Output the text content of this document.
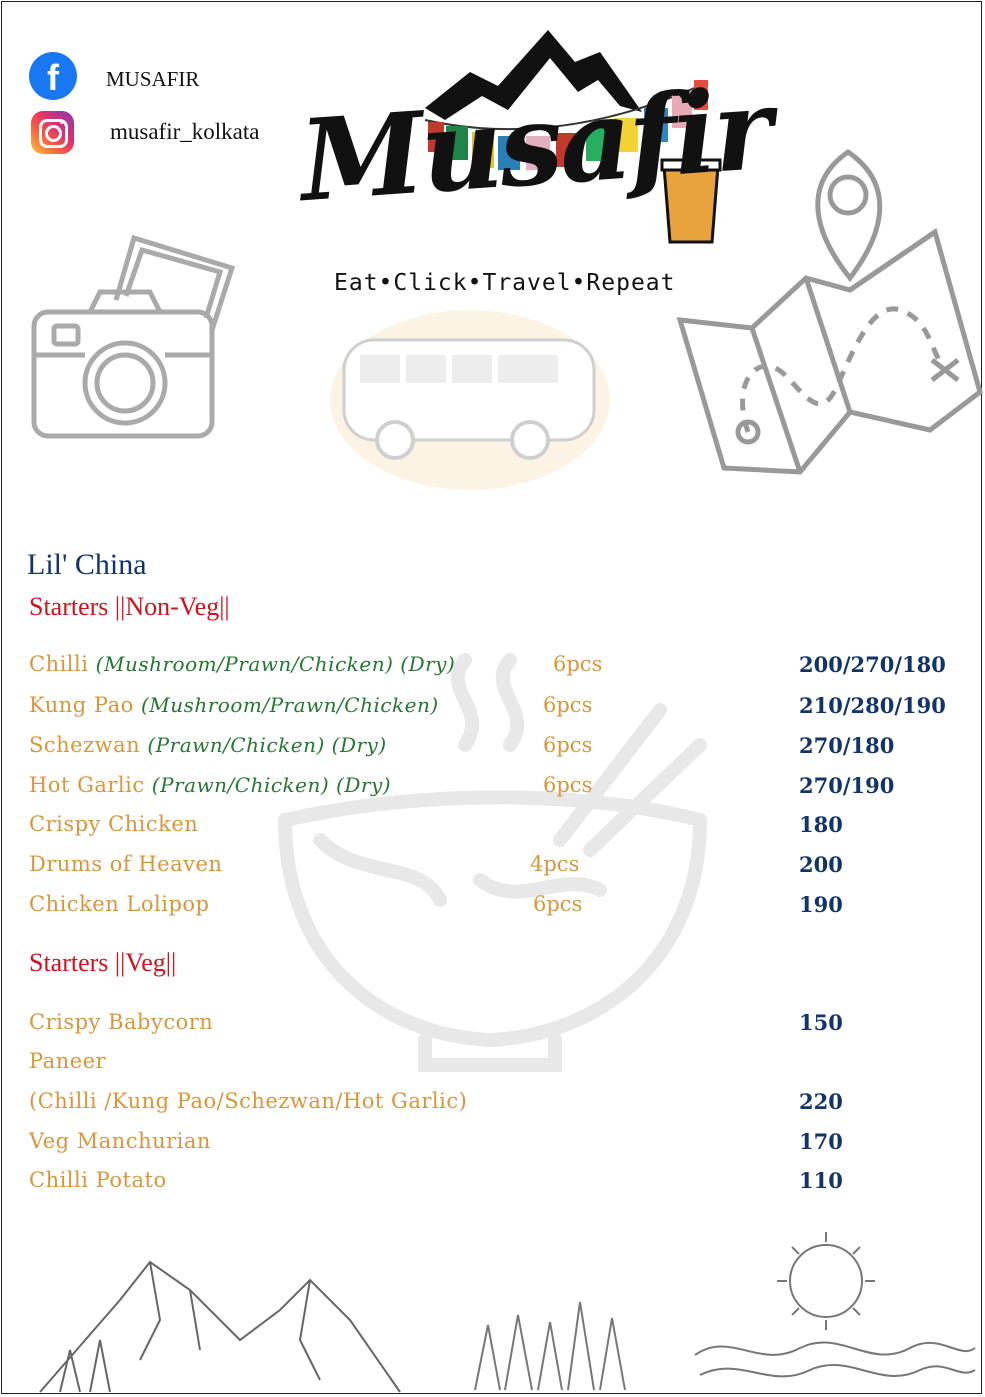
f	MUSAFIR
musafir_kolkata Musafir
Eat•Click•Travel•Repeat
Lil' China
Starters ||Non-Veg||
Chilli (Mushroom/Prawn/Chicken) (Dry)	6pcs	200/270/180
Kung Pao (Mushroom/Prawn/Chicken)	6pcs	210/280/190
Schezwan (Prawn/Chicken) (Dry)	6pcs	270/180
Hot Garlic (Prawn/Chicken) (Dry)	6pcs	270/190
Crispy Chicken	180
Drums of Heaven	4pcs	200
Chicken Lolipop	6pcs	190
Starters ||Veg||
Crispy Babycorn	150
Paneer
(Chilli /Kung Pao/Schezwan/Hot Garlic)	220
Veg Manchurian	170
Chilli Potato	110
